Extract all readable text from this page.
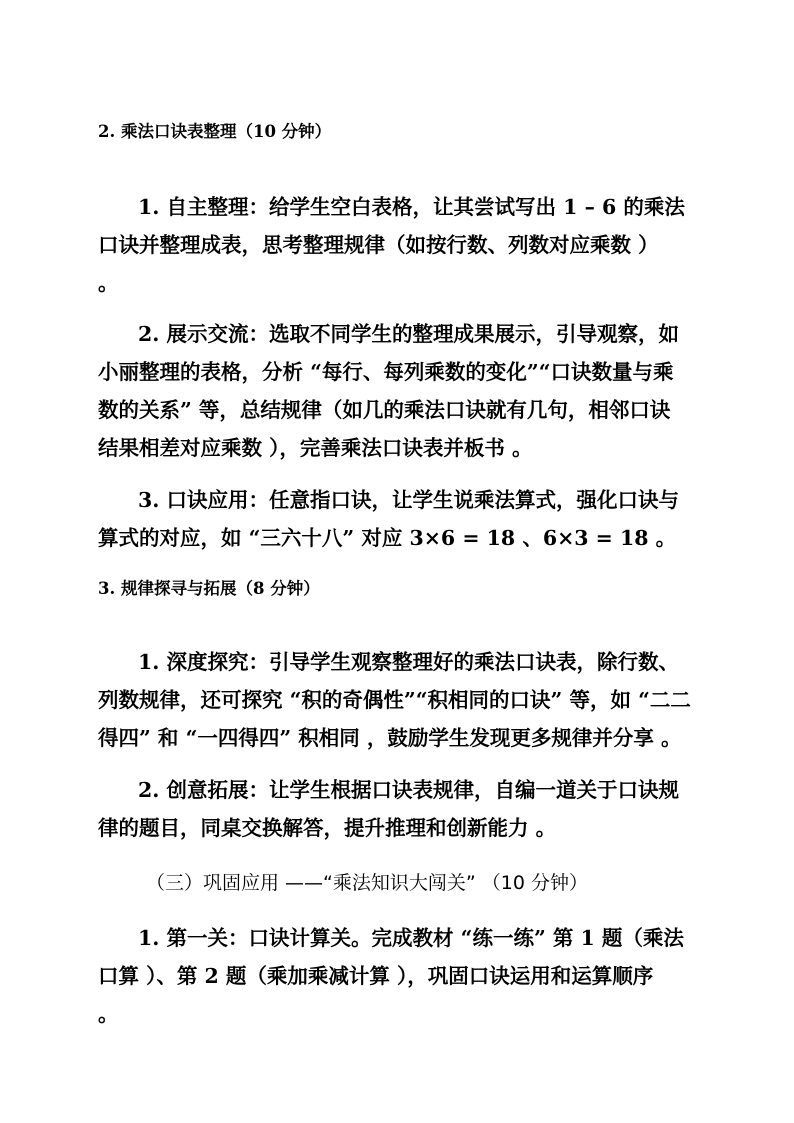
2. 乘法口诀表整理（10 分钟）
1. 自主整理：给学生空白表格，让其尝试写出 1 – 6 的乘法
口诀并整理成表，思考整理规律（如按行数、列数对应乘数 ）
。
2. 展示交流：选取不同学生的整理成果展示，引导观察，如
小丽整理的表格，分析 “每行、每列乘数的变化”“口诀数量与乘
数的关系” 等，总结规律（如几的乘法口诀就有几句，相邻口诀
结果相差对应乘数 ），完善乘法口诀表并板书 。
3. 口诀应用：任意指口诀，让学生说乘法算式，强化口诀与
算式的对应，如 “三六十八” 对应 3×6 = 18 、6×3 = 18 。
3. 规律探寻与拓展（8 分钟）
1. 深度探究：引导学生观察整理好的乘法口诀表，除行数、
列数规律，还可探究 “积的奇偶性”“积相同的口诀” 等，如 “二二
得四” 和 “一四得四” 积相同 ，鼓励学生发现更多规律并分享 。
2. 创意拓展：让学生根据口诀表规律，自编一道关于口诀规
律的题目，同桌交换解答，提升推理和创新能力 。
（三）巩固应用 ——“乘法知识大闯关” （10 分钟）
1. 第一关：口诀计算关。完成教材 “练一练” 第 1 题（乘法
口算 ）、第 2 题（乘加乘减计算 ），巩固口诀运用和运算顺序
。
